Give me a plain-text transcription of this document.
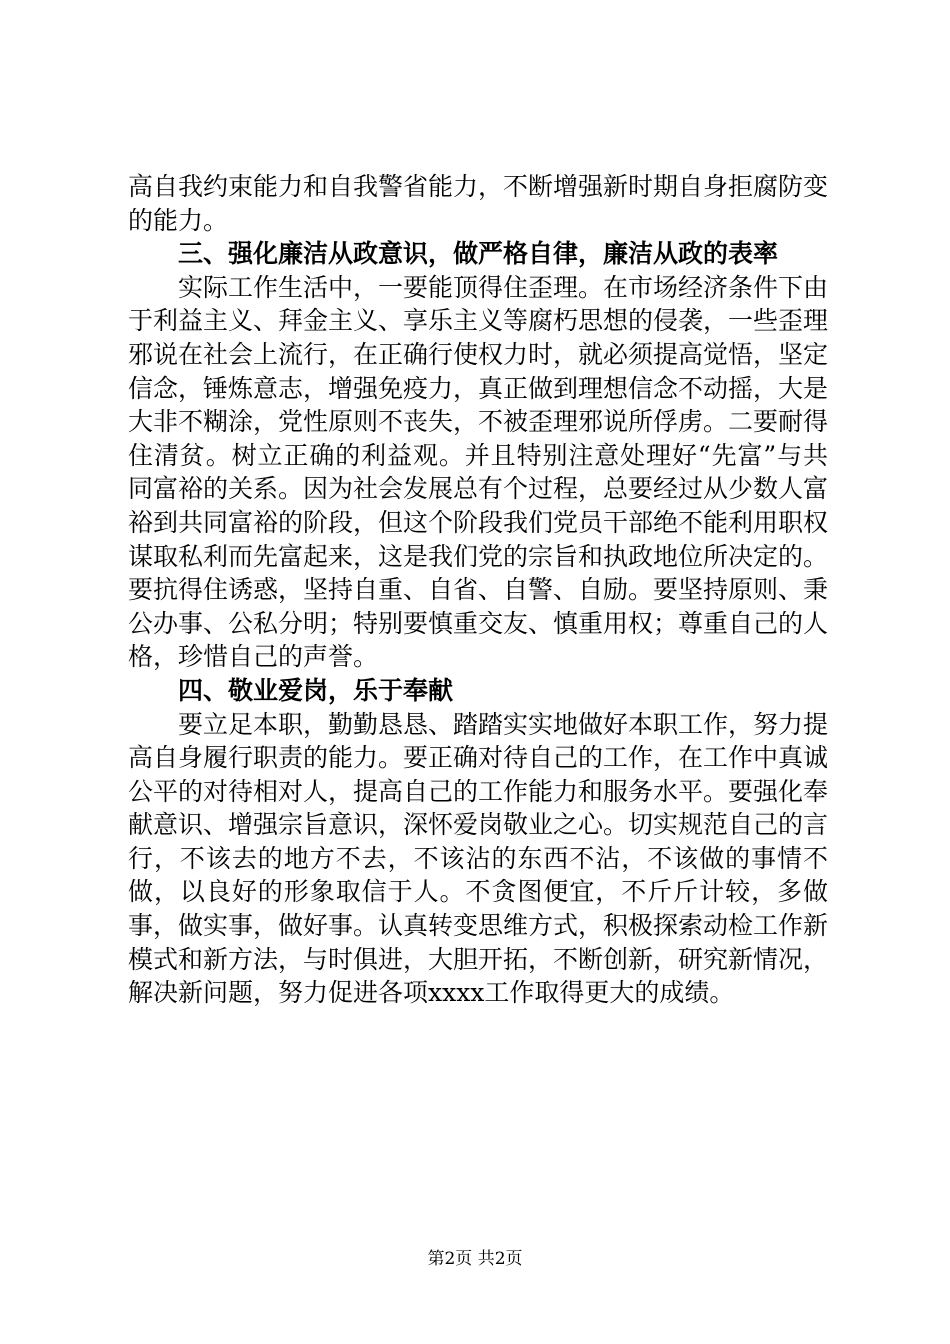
高自我约束能力和自我警省能力，不断增强新时期自身拒腐防变的能力。

三、强化廉洁从政意识，做严格自律，廉洁从政的表率

实际工作生活中，一要能顶得住歪理。在市场经济条件下由于利益主义、拜金主义、享乐主义等腐朽思想的侵袭，一些歪理邪说在社会上流行，在正确行使权力时，就必须提高觉悟，坚定信念，锤炼意志，增强免疫力，真正做到理想信念不动摇，大是大非不糊涂，党性原则不丧失，不被歪理邪说所俘虏。二要耐得住清贫。树立正确的利益观。并且特别注意处理好“先富”与共同富裕的关系。因为社会发展总有个过程，总要经过从少数人富裕到共同富裕的阶段，但这个阶段我们党员干部绝不能利用职权谋取私利而先富起来，这是我们党的宗旨和执政地位所决定的。要抗得住诱惑，坚持自重、自省、自警、自励。要坚持原则、秉公办事、公私分明；特别要慎重交友、慎重用权；尊重自己的人格，珍惜自己的声誉。

四、敬业爱岗，乐于奉献

要立足本职，勤勤恳恳、踏踏实实地做好本职工作，努力提高自身履行职责的能力。要正确对待自己的工作，在工作中真诚公平的对待相对人，提高自己的工作能力和服务水平。要强化奉献意识、增强宗旨意识，深怀爱岗敬业之心。切实规范自己的言行，不该去的地方不去，不该沾的东西不沾，不该做的事情不做，以良好的形象取信于人。不贪图便宜，不斤斤计较，多做事，做实事，做好事。认真转变思维方式，积极探索动检工作新模式和新方法，与时俱进，大胆开拓，不断创新，研究新情况，解决新问题，努力促进各项xxxx工作取得更大的成绩。

第2页 共2页
